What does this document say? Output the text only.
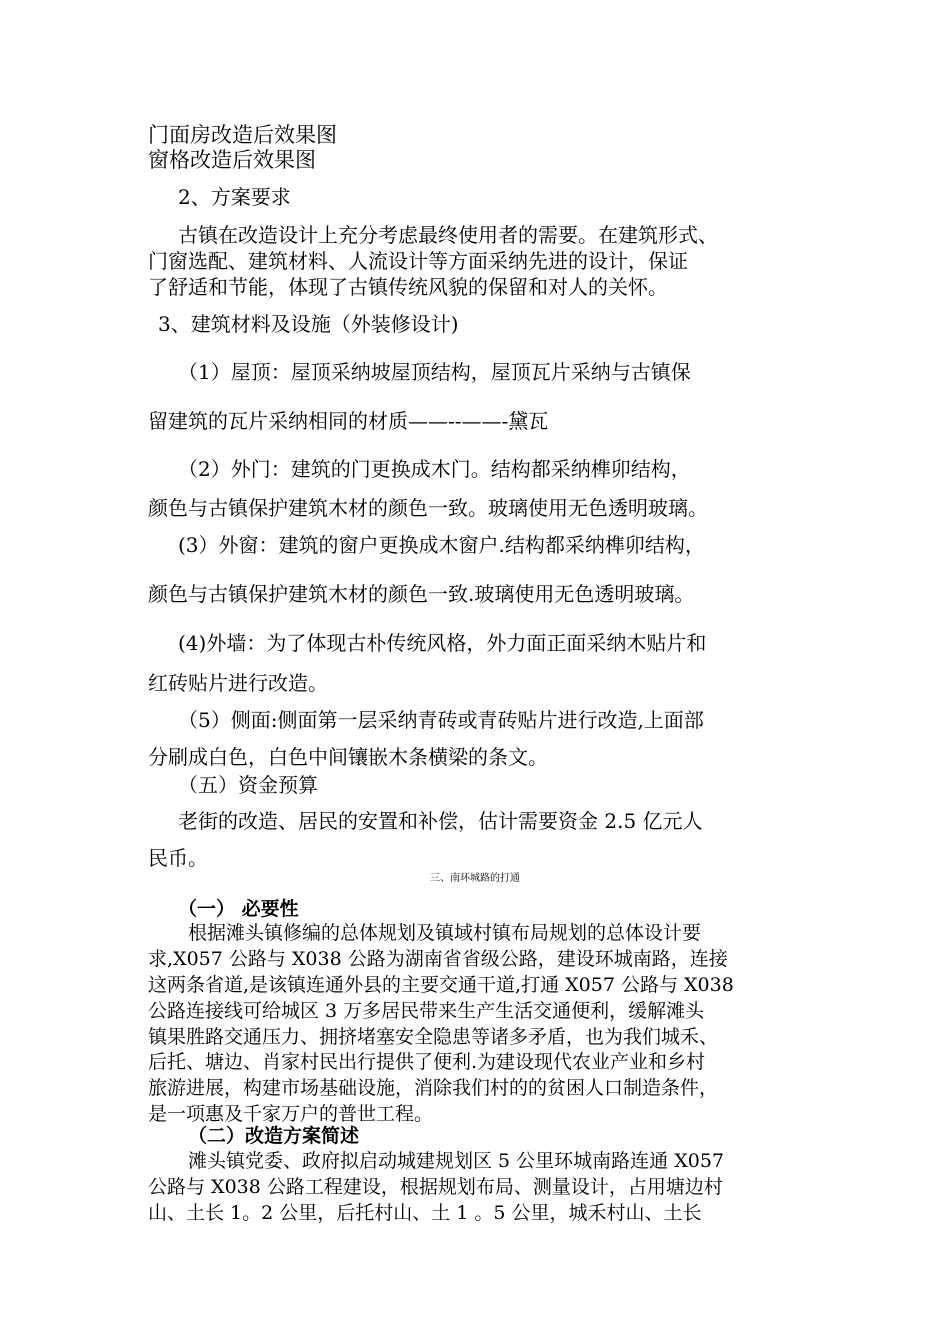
门面房改造后效果图

窗格改造后效果图

2、方案要求

古镇在改造设计上充分考虑最终使用者的需要。在建筑形式、

门窗选配、建筑材料、人流设计等方面采纳先进的设计，保证

了舒适和节能，体现了古镇传统风貌的保留和对人的关怀。

3、建筑材料及设施（外装修设计)

（1）屋顶：屋顶采纳坡屋顶结构，屋顶瓦片采纳与古镇保

留建筑的瓦片采纳相同的材质——--——-黛瓦

（2）外门：建筑的门更换成木门。结构都采纳榫卯结构，

颜色与古镇保护建筑木材的颜色一致。玻璃使用无色透明玻璃。

(3）外窗：建筑的窗户更换成木窗户.结构都采纳榫卯结构，

颜色与古镇保护建筑木材的颜色一致.玻璃使用无色透明玻璃。

(4)外墙：为了体现古朴传统风格，外力面正面采纳木贴片和

红砖贴片进行改造。

（5）侧面:侧面第一层采纳青砖或青砖贴片进行改造,上面部

分刷成白色，白色中间镶嵌木条横梁的条文。

（五）资金预算

老街的改造、居民的安置和补偿，估计需要资金 2.5 亿元人

民币。

三、南环城路的打通

（一） 必要性

根据滩头镇修编的总体规划及镇域村镇布局规划的总体设计要

求,X057 公路与 X038 公路为湖南省省级公路，建设环城南路，连接

这两条省道,是该镇连通外县的主要交通干道,打通 X057 公路与 X038

公路连接线可给城区 3 万多居民带来生产生活交通便利，缓解滩头

镇果胜路交通压力、拥挤堵塞安全隐患等诸多矛盾，也为我们城禾、

后托、塘边、肖家村民出行提供了便利.为建设现代农业产业和乡村

旅游进展，构建市场基础设施，消除我们村的的贫困人口制造条件，

是一项惠及千家万户的普世工程。

（二）改造方案简述

滩头镇党委、政府拟启动城建规划区 5 公里环城南路连通 X057

公路与 X038 公路工程建设，根据规划布局、测量设计，占用塘边村

山、土长 1。2 公里，后托村山、土 1 。5 公里，城禾村山、土长
